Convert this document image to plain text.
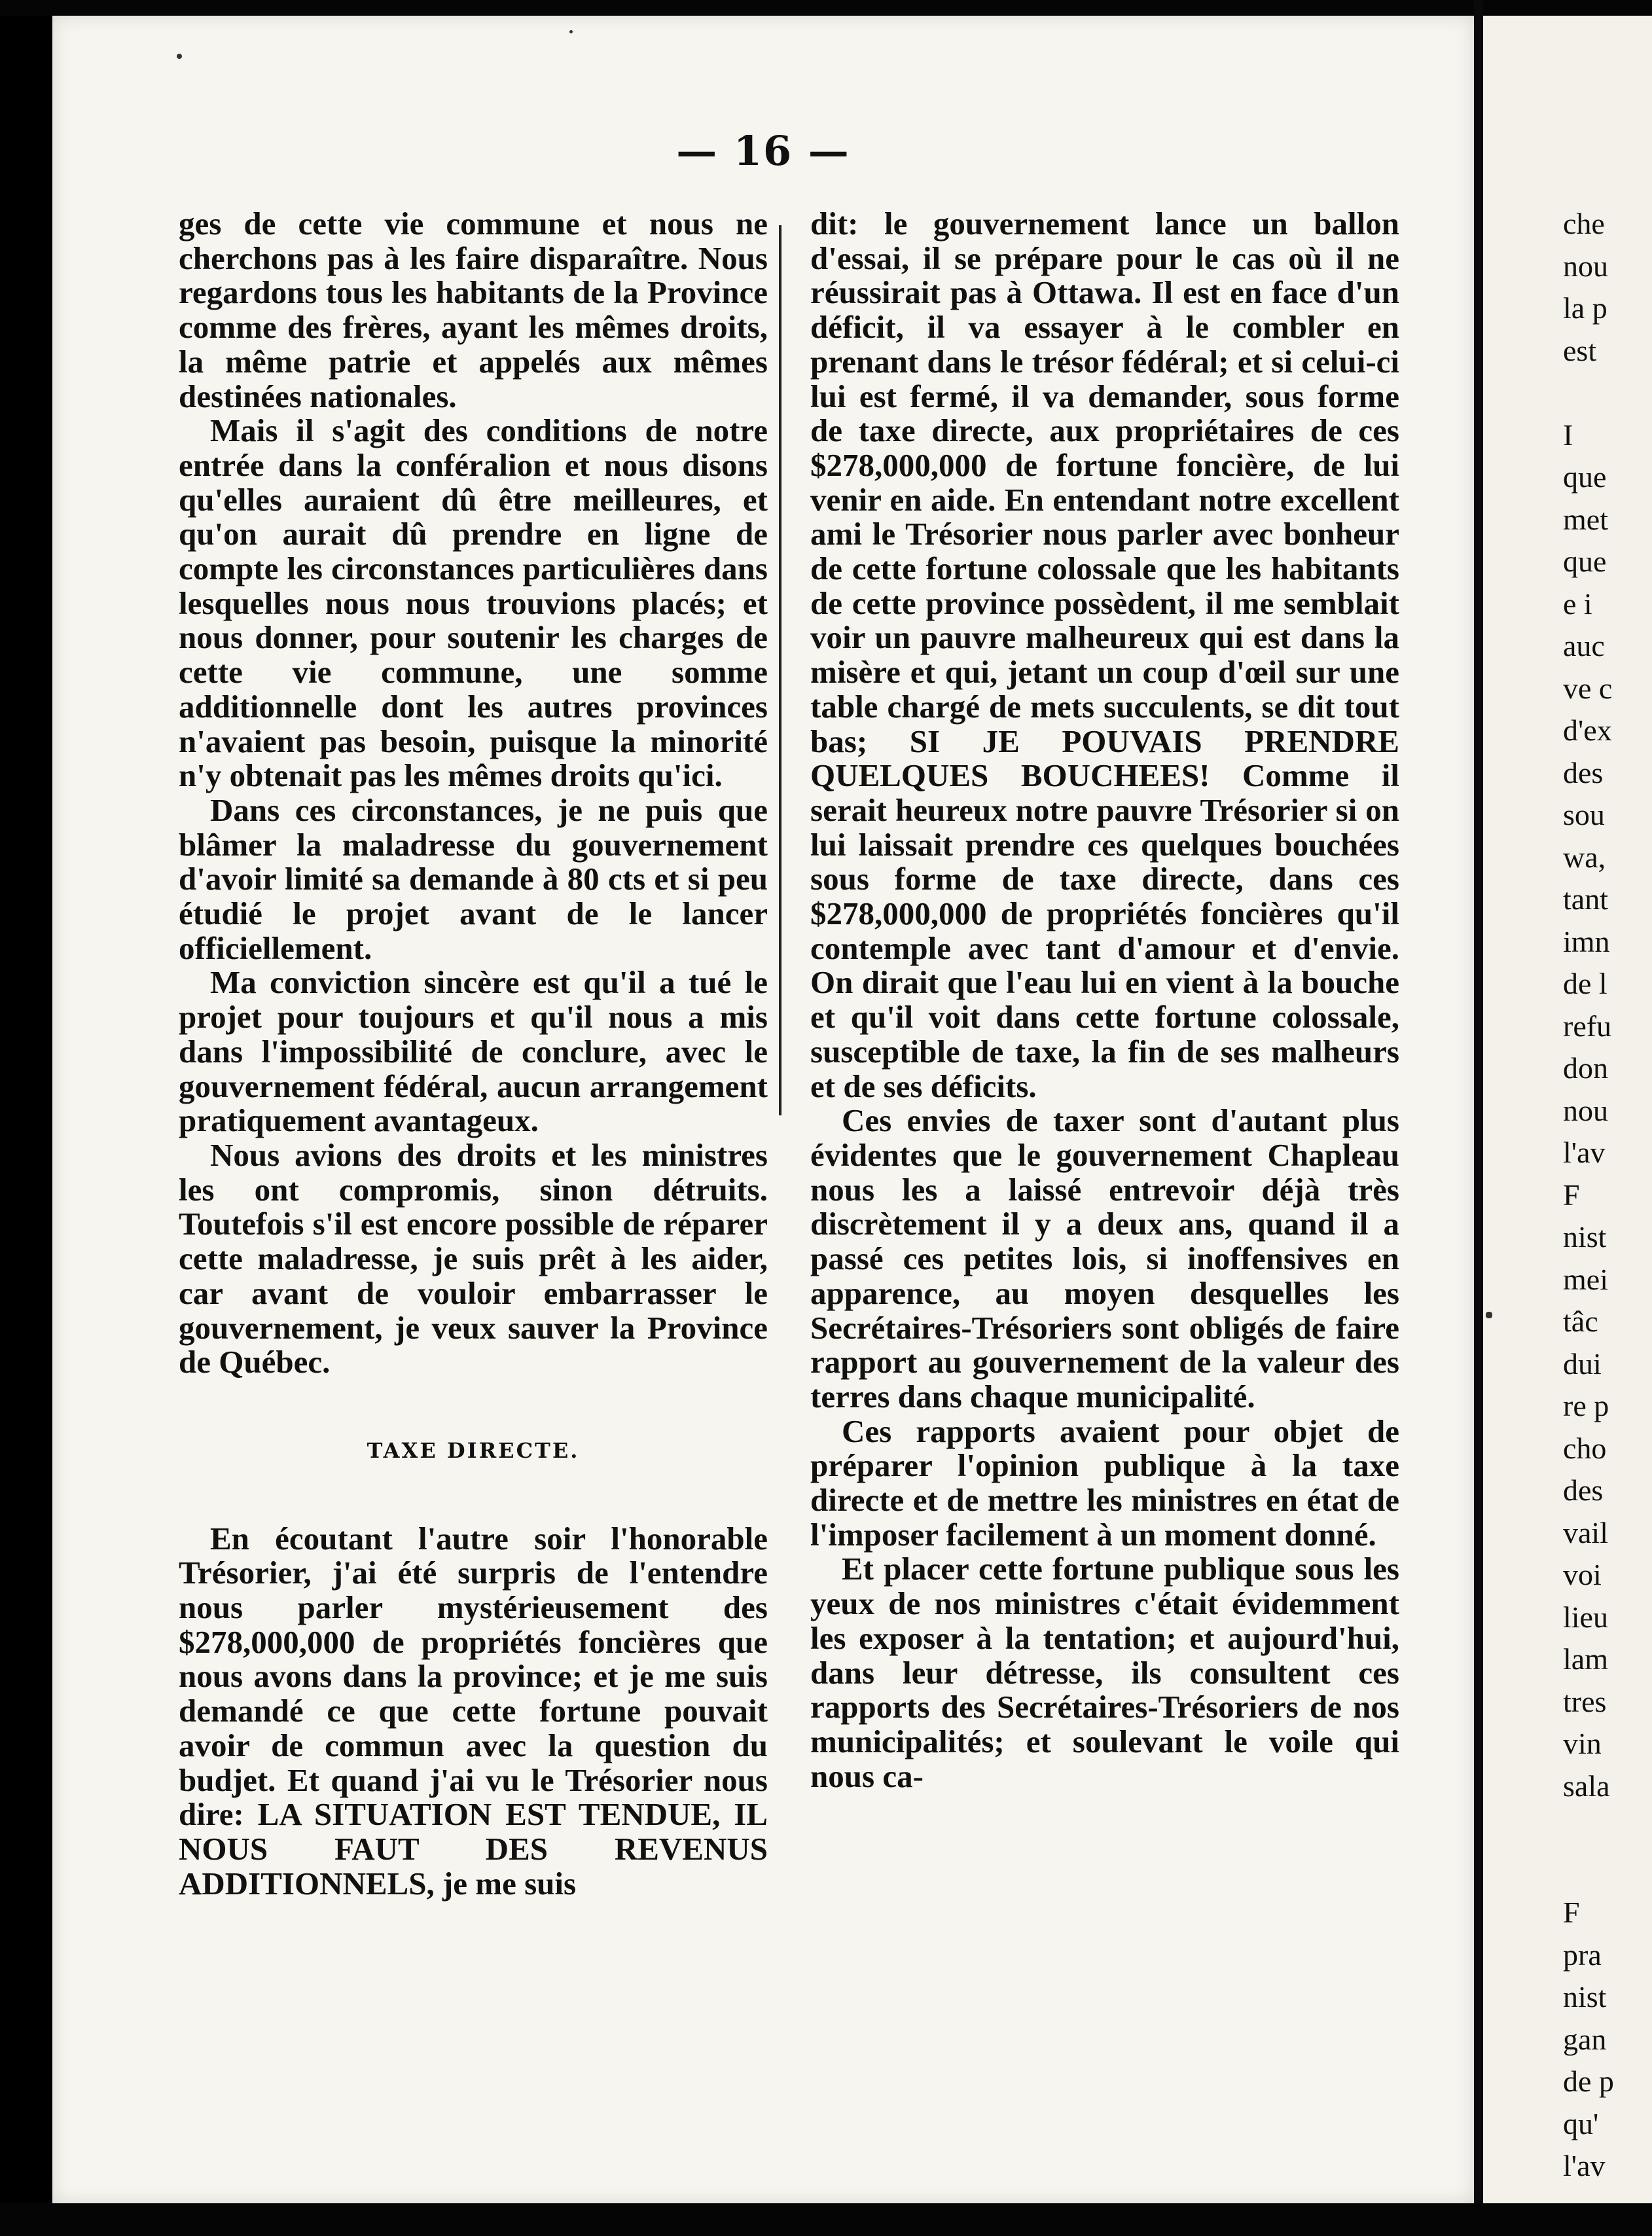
— 16 —

ges de cette vie commune et nous ne cherchons pas à les faire disparaître. Nous regardons tous les habitants de la Province comme des frères, ayant les mêmes droits, la même patrie et appelés aux mêmes destinées nationales.

Mais il s'agit des conditions de notre entrée dans la conféralion et nous disons qu'elles auraient dû être meilleures, et qu'on aurait dû prendre en ligne de compte les circonstances particulières dans lesquelles nous nous trouvions placés; et nous donner, pour soutenir les charges de cette vie commune, une somme additionnelle dont les autres provinces n'avaient pas besoin, puisque la minorité n'y obtenait pas les mêmes droits qu'ici.

Dans ces circonstances, je ne puis que blâmer la maladresse du gouvernement d'avoir limité sa demande à 80 cts et si peu étudié le projet avant de le lancer officiellement.

Ma conviction sincère est qu'il a tué le projet pour toujours et qu'il nous a mis dans l'impossibilité de conclure, avec le gouvernement fédéral, aucun arrangement pratiquement avantageux.

Nous avions des droits et les ministres les ont compromis, sinon détruits. Toutefois s'il est encore possible de réparer cette maladresse, je suis prêt à les aider, car avant de vouloir embarrasser le gouvernement, je veux sauver la Province de Québec.

TAXE DIRECTE.

En écoutant l'autre soir l'honorable Trésorier, j'ai été surpris de l'entendre nous parler mystérieusement des $278,000,000 de propriétés foncières que nous avons dans la province; et je me suis demandé ce que cette fortune pouvait avoir de commun avec la question du budjet. Et quand j'ai vu le Trésorier nous dire: LA SITUATION EST TENDUE, IL NOUS FAUT DES REVENUS ADDITIONNELS, je me suis

dit: le gouvernement lance un ballon d'essai, il se prépare pour le cas où il ne réussirait pas à Ottawa. Il est en face d'un déficit, il va essayer à le combler en prenant dans le trésor fédéral; et si celui-ci lui est fermé, il va demander, sous forme de taxe directe, aux propriétaires de ces $278,000,000 de fortune foncière, de lui venir en aide. En entendant notre excellent ami le Trésorier nous parler avec bonheur de cette fortune colossale que les habitants de cette province possèdent, il me semblait voir un pauvre malheureux qui est dans la misère et qui, jetant un coup d'œil sur une table chargé de mets succulents, se dit tout bas; SI JE POUVAIS PRENDRE QUELQUES BOUCHEES! Comme il serait heureux notre pauvre Trésorier si on lui laissait prendre ces quelques bouchées sous forme de taxe directe, dans ces $278,000,000 de propriétés foncières qu'il contemple avec tant d'amour et d'envie. On dirait que l'eau lui en vient à la bouche et qu'il voit dans cette fortune colossale, susceptible de taxe, la fin de ses malheurs et de ses déficits.

Ces envies de taxer sont d'autant plus évidentes que le gouvernement Chapleau nous les a laissé entrevoir déjà très discrètement il y a deux ans, quand il a passé ces petites lois, si inoffensives en apparence, au moyen desquelles les Secrétaires-Trésoriers sont obligés de faire rapport au gouvernement de la valeur des terres dans chaque municipalité.

Ces rapports avaient pour objet de préparer l'opinion publique à la taxe directe et de mettre les ministres en état de l'imposer facilement à un moment donné.

Et placer cette fortune publique sous les yeux de nos ministres c'était évidemment les exposer à la tentation; et aujourd'hui, dans leur détresse, ils consultent ces rapports des Secrétaires-Trésoriers de nos municipalités; et soulevant le voile qui nous ca-

che
nou
la p
est
I
que
met
que
e i
auc
ve c
d'ex
des
sou
wa,
tant
imn
de l
refu
don
nou
l'av
F
nist
mei
tâc
dui
re p
cho
des
vail
voi
lieu
lam
tres
vin
sala
F
pra
nist
gan
de p
qu'
l'av
